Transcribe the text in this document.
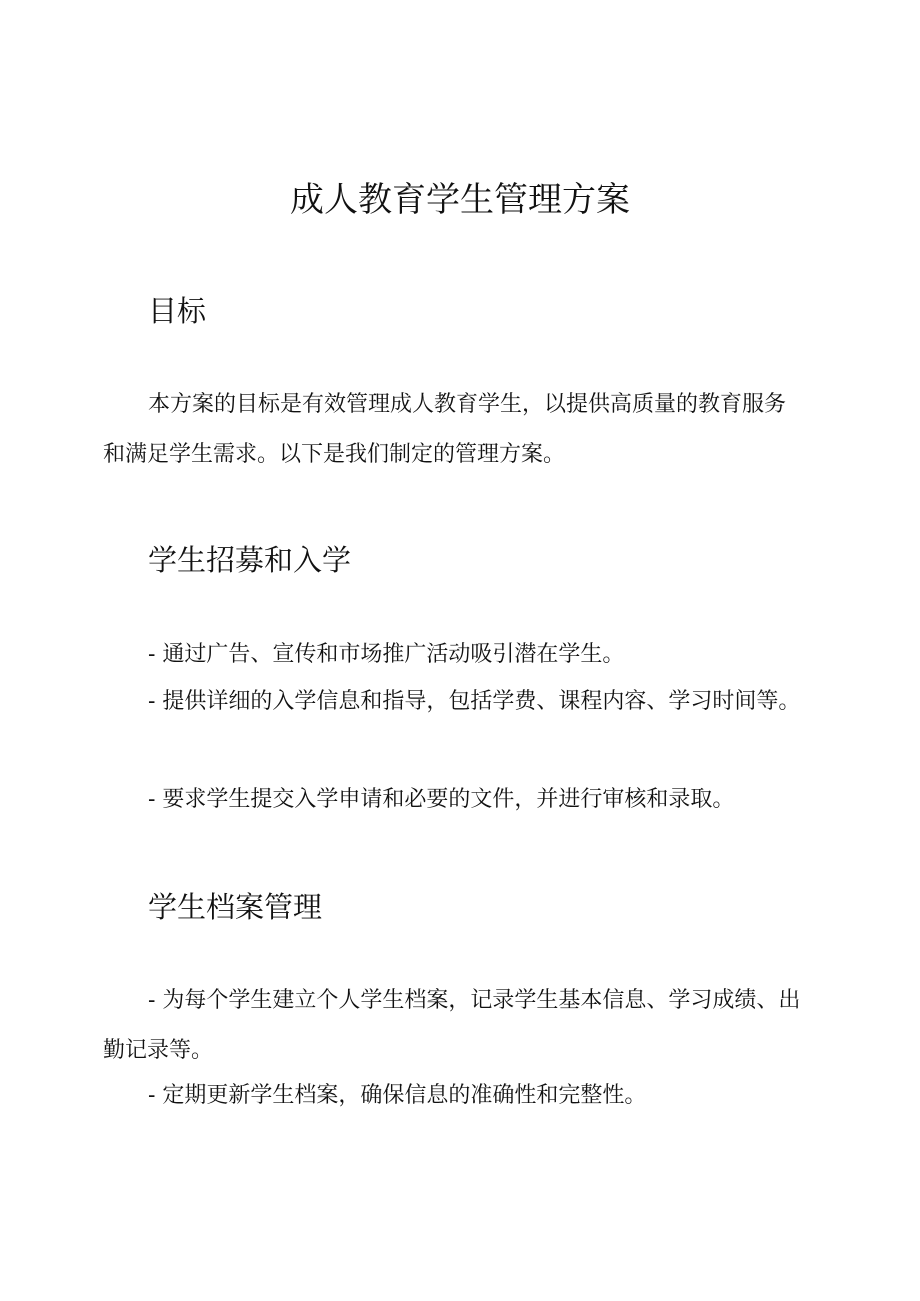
成人教育学生管理方案
目标

本方案的目标是有效管理成人教育学生，以提供高质量的教育服务和满足学生需求。以下是我们制定的管理方案。

学生招募和入学

- 通过广告、宣传和市场推广活动吸引潜在学生。

- 提供详细的入学信息和指导，包括学费、课程内容、学习时间等。

- 要求学生提交入学申请和必要的文件，并进行审核和录取。

学生档案管理

- 为每个学生建立个人学生档案，记录学生基本信息、学习成绩、出勤记录等。

- 定期更新学生档案，确保信息的准确性和完整性。
